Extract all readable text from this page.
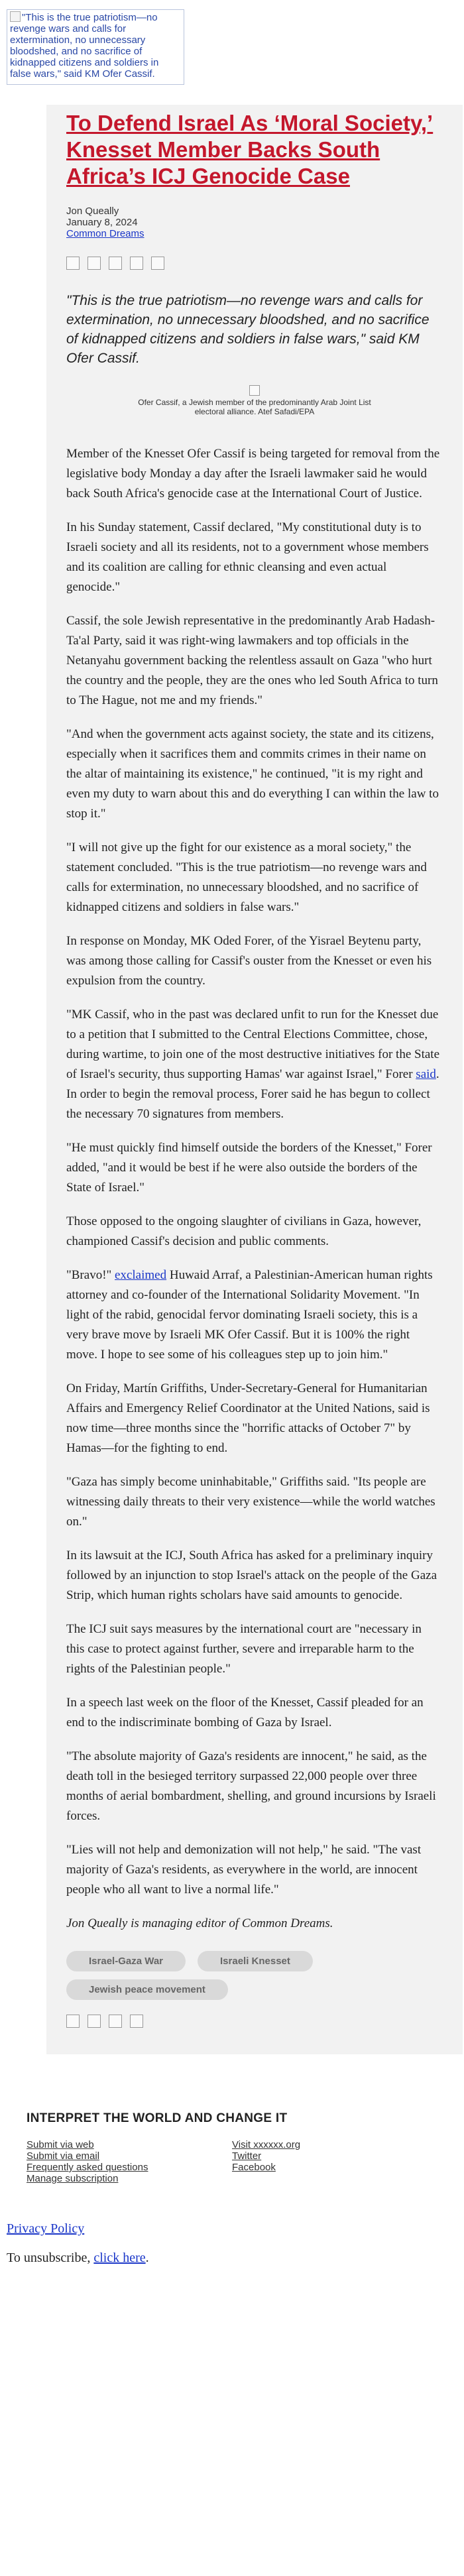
"This is the true patriotism—no revenge wars and calls for extermination, no unnecessary bloodshed, and no sacrifice of kidnapped citizens and soldiers in false wars," said KM Ofer Cassif.
To Defend Israel As ‘Moral Society,’ Knesset Member Backs South Africa’s ICJ Genocide Case
Jon Queally
January 8, 2024
Common Dreams
"This is the true patriotism—no revenge wars and calls for extermination, no unnecessary bloodshed, and no sacrifice of kidnapped citizens and soldiers in false wars," said KM Ofer Cassif.
Ofer Cassif, a Jewish member of the predominantly Arab Joint List electoral alliance. Atef Safadi/EPA

Member of the Knesset Ofer Cassif is being targeted for removal from the legislative body Monday a day after the Israeli lawmaker said he would back South Africa's genocide case at the International Court of Justice.

In his Sunday statement, Cassif declared, "My constitutional duty is to Israeli society and all its residents, not to a government whose members and its coalition are calling for ethnic cleansing and even actual genocide."

Cassif, the sole Jewish representative in the predominantly Arab Hadash-Ta'al Party, said it was right-wing lawmakers and top officials in the Netanyahu government backing the relentless assault on Gaza "who hurt the country and the people, they are the ones who led South Africa to turn to The Hague, not me and my friends."

"And when the government acts against society, the state and its citizens, especially when it sacrifices them and commits crimes in their name on the altar of maintaining its existence," he continued, "it is my right and even my duty to warn about this and do everything I can within the law to stop it."

"I will not give up the fight for our existence as a moral society," the statement concluded. "This is the true patriotism—no revenge wars and calls for extermination, no unnecessary bloodshed, and no sacrifice of kidnapped citizens and soldiers in false wars."

In response on Monday, MK Oded Forer, of the Yisrael Beytenu party, was among those calling for Cassif's ouster from the Knesset or even his expulsion from the country.

"MK Cassif, who in the past was declared unfit to run for the Knesset due to a petition that I submitted to the Central Elections Committee, chose, during wartime, to join one of the most destructive initiatives for the State of Israel's security, thus supporting Hamas' war against Israel," Forer said. In order to begin the removal process, Forer said he has begun to collect the necessary 70 signatures from members.

"He must quickly find himself outside the borders of the Knesset," Forer added, "and it would be best if he were also outside the borders of the State of Israel."

Those opposed to the ongoing slaughter of civilians in Gaza, however, championed Cassif's decision and public comments.

"Bravo!" exclaimed Huwaid Arraf, a Palestinian-American human rights attorney and co-founder of the International Solidarity Movement. "In light of the rabid, genocidal fervor dominating Israeli society, this is a very brave move by Israeli MK Ofer Cassif. But it is 100% the right move. I hope to see some of his colleagues step up to join him."

On Friday, Martín Griffiths, Under-Secretary-General for Humanitarian Affairs and Emergency Relief Coordinator at the United Nations, said is now time—three months since the "horrific attacks of October 7" by Hamas—for the fighting to end.

"Gaza has simply become uninhabitable," Griffiths said. "Its people are witnessing daily threats to their very existence—while the world watches on."

In its lawsuit at the ICJ, South Africa has asked for a preliminary inquiry followed by an injunction to stop Israel's attack on the people of the Gaza Strip, which human rights scholars have said amounts to genocide.

The ICJ suit says measures by the international court are "necessary in this case to protect against further, severe and irreparable harm to the rights of the Palestinian people."

In a speech last week on the floor of the Knesset, Cassif pleaded for an end to the indiscriminate bombing of Gaza by Israel.

"The absolute majority of Gaza's residents are innocent," he said, as the death toll in the besieged territory surpassed 22,000 people over three months of aerial bombardment, shelling, and ground incursions by Israeli forces.

"Lies will not help and demonization will not help," he said. "The vast majority of Gaza's residents, as everywhere in the world, are innocent people who all want to live a normal life."

Jon Queally is managing editor of Common Dreams.

Israel-Gaza War	Israeli Knesset
Jewish peace movement
INTERPRET THE WORLD AND CHANGE IT
Submit via web
Submit via email
Frequently asked questions
Manage subscription
Visit xxxxxx.org
Twitter
Facebook
Privacy Policy
To unsubscribe, click here.
